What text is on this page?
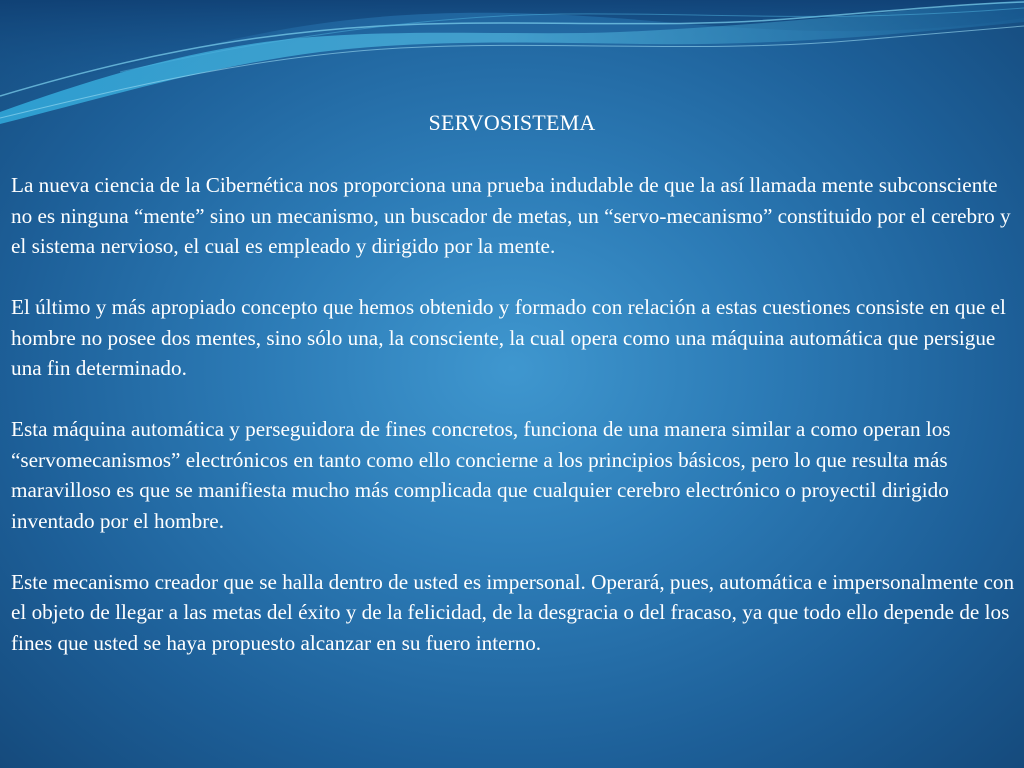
SERVOSISTEMA

La nueva ciencia de la Cibernética nos proporciona una prueba indudable de que la así llamada mente subconsciente no es ninguna “mente” sino un mecanismo, un buscador de metas, un “servo-mecanismo” constituido por el cerebro y el sistema nervioso, el cual es empleado y dirigido por la mente.

El último y más apropiado concepto que hemos obtenido y formado con relación a estas cuestiones consiste en que el hombre no posee dos mentes, sino sólo una, la consciente, la cual opera como una máquina automática que persigue una fin determinado.

Esta máquina automática y perseguidora de fines concretos, funciona de una manera similar a como operan los “servomecanismos” electrónicos en tanto como ello concierne a los principios básicos, pero lo que resulta más maravilloso es que se manifiesta mucho más complicada que cualquier cerebro electrónico o proyectil dirigido inventado por el hombre.

Este mecanismo creador que se halla dentro de usted es impersonal. Operará, pues, automática e impersonalmente con el objeto de llegar a las metas del éxito y de la felicidad, de la desgracia o del fracaso, ya que todo ello depende de los fines que usted se haya propuesto alcanzar en su fuero interno.
